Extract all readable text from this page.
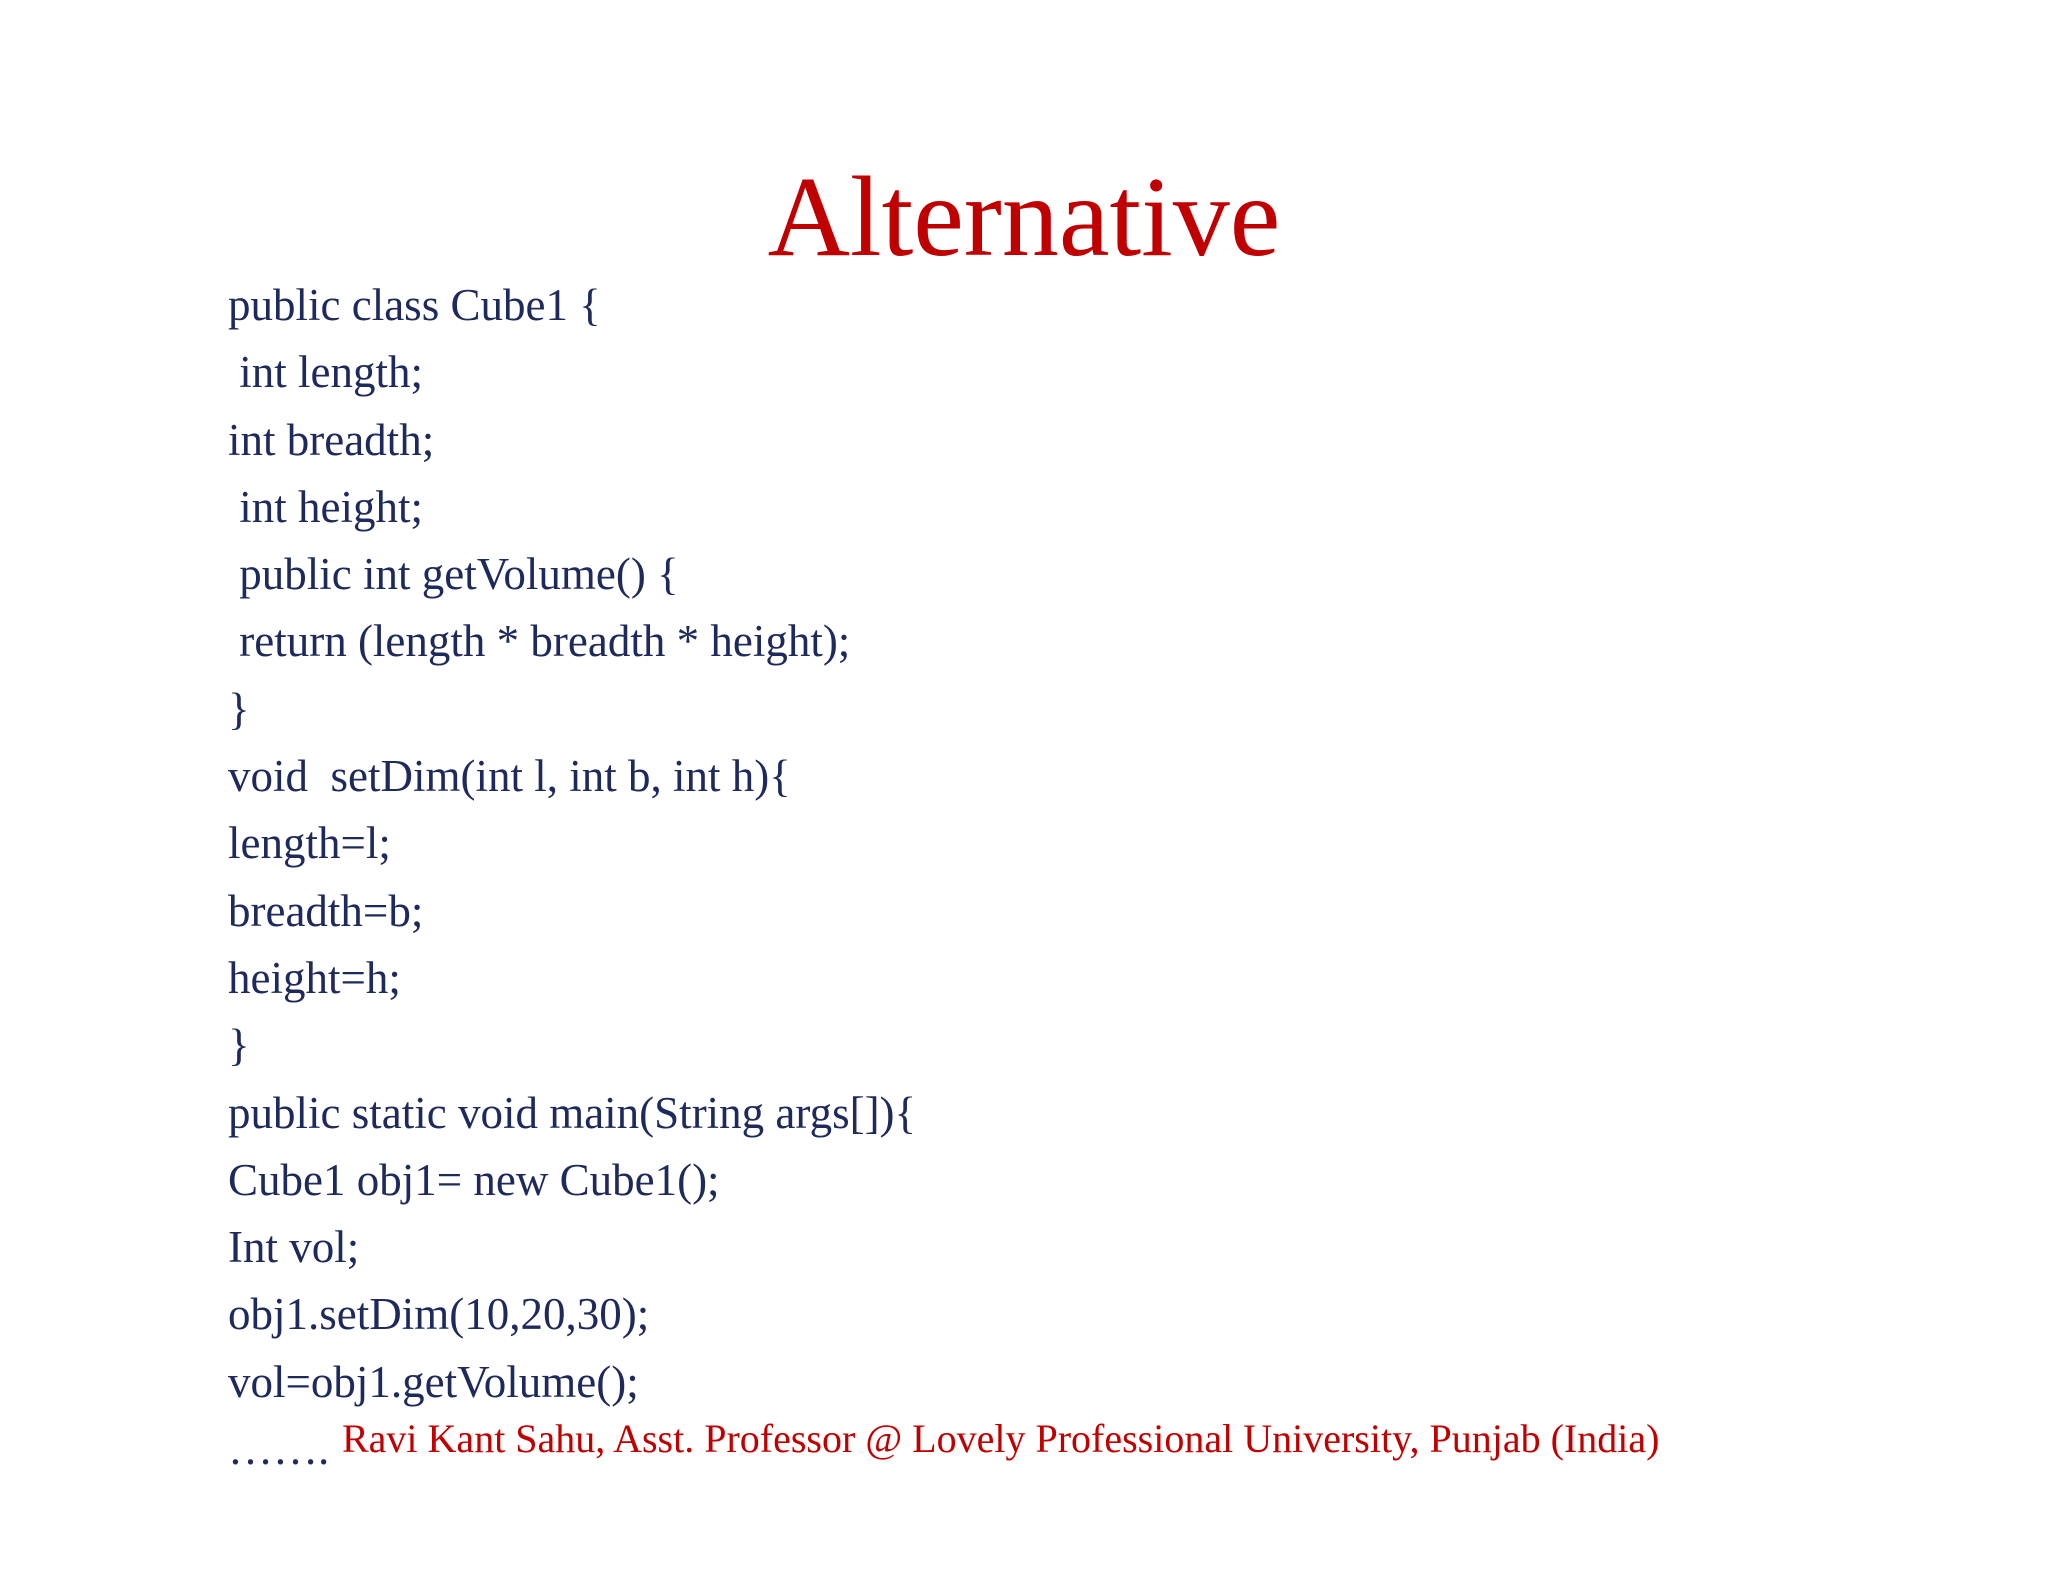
Alternative
public class Cube1 {
int length;
int breadth;
int height;
public int getVolume() {
return (length * breadth * height);
}
void  setDim(int l, int b, int h){
length=l;
breadth=b;
height=h;
}
public static void main(String args[]){
Cube1 obj1= new Cube1();
Int vol;
obj1.setDim(10,20,30);
vol=obj1.getVolume();
……. Ravi Kant Sahu, Asst. Professor @ Lovely Professional University, Punjab (India)
